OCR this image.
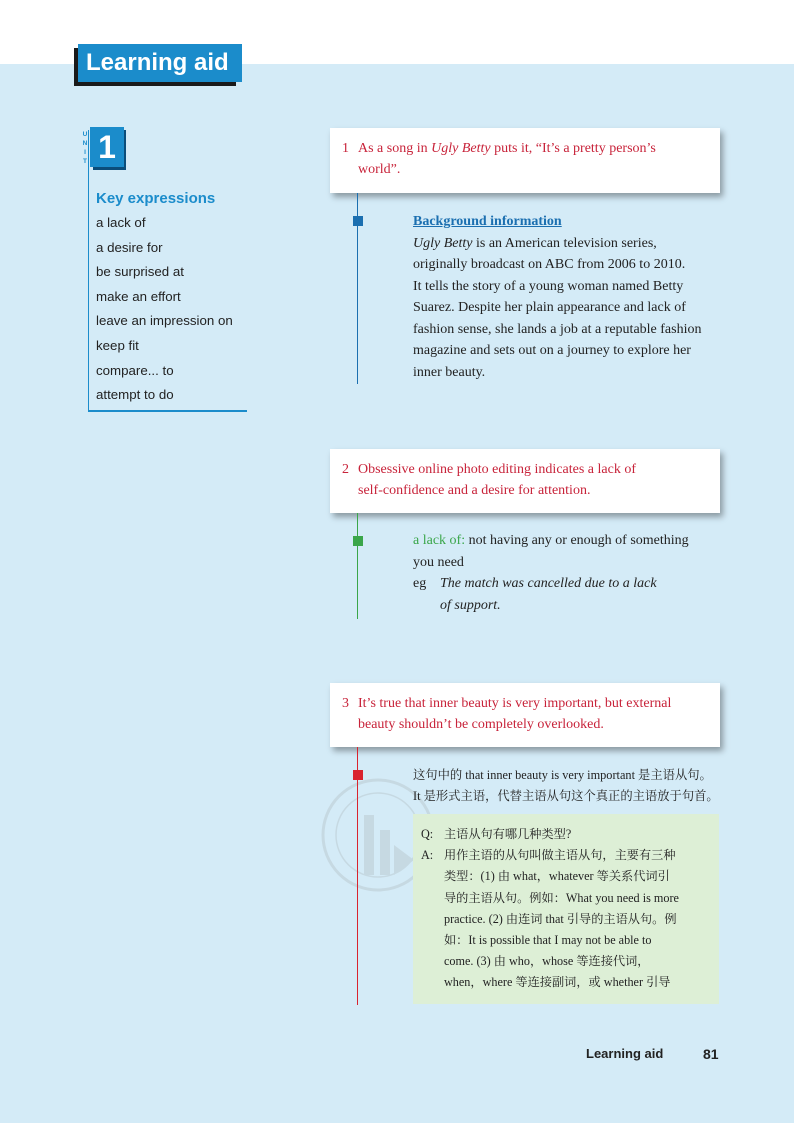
Learning aid
U
N
I
T 1
Key expressions
a lack of
a desire for
be surprised at
make an effort
leave an impression on
keep fit
compare... to
attempt to do
1 As a song in Ugly Betty puts it, “It’s a pretty person’s
world”.
Background information
Ugly Betty is an American television series,
originally broadcast on ABC from 2006 to 2010.
It tells the story of a young woman named Betty
Suarez. Despite her plain appearance and lack of
fashion sense, she lands a job at a reputable fashion
magazine and sets out on a journey to explore her
inner beauty.
2 Obsessive online photo editing indicates a lack of
self-confidence and a desire for attention.
a lack of: not having any or enough of something
you need
eg The match was cancelled due to a lack
of support.
3 It’s true that inner beauty is very important, but external
beauty shouldn’t be completely overlooked.
这句中的 that inner beauty is very important 是主语从句。
It 是形式主语，代替主语从句这个真正的主语放于句首。
Q: 主语从句有哪几种类型?
A: 用作主语的从句叫做主语从句，主要有三种
类型：(1) 由 what，whatever 等关系代词引
导的主语从句。例如：What you need is more
practice. (2) 由连词 that 引导的主语从句。例
如：It is possible that I may not be able to
come. (3) 由 who，whose 等连接代词，
when，where 等连接副词，或 whether 引导
Learning aid	81
